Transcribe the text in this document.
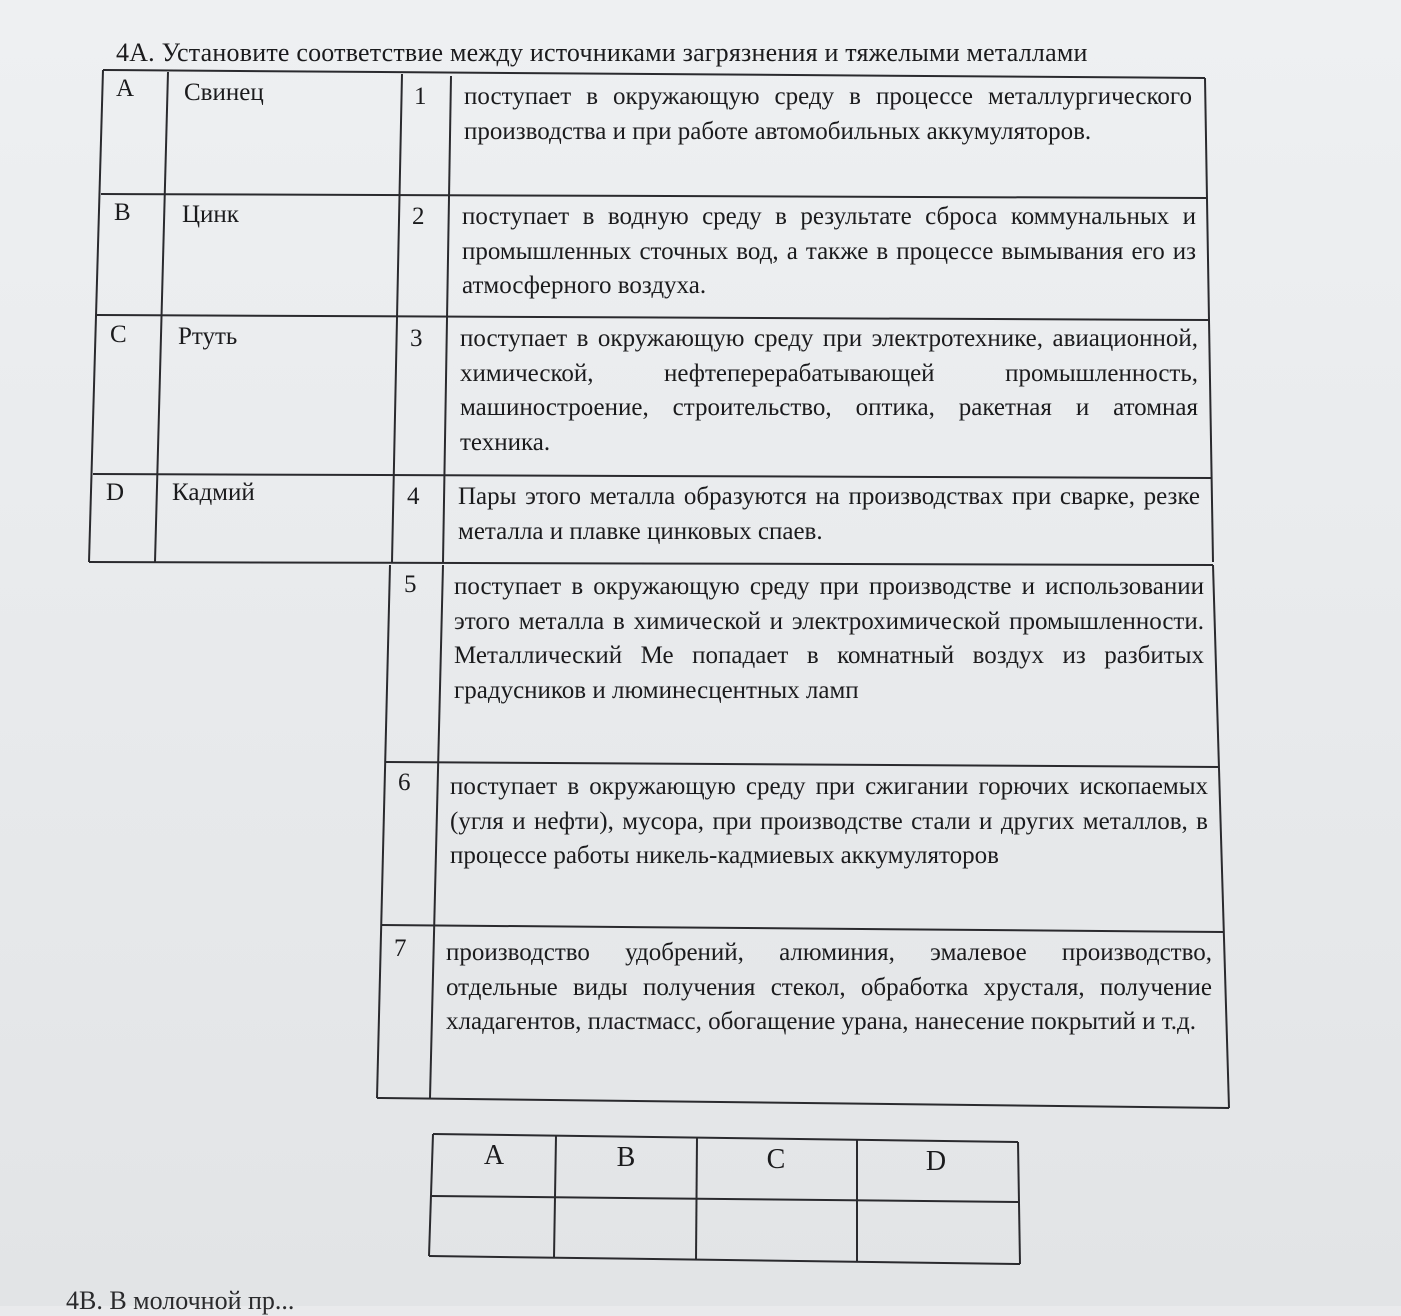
4А. Установите соответствие между источниками загрязнения и тяжелыми металлами
A Свинец	1 поступает в окружающую среду в процессе металлургического производства и при работе автомобильных аккумуляторов.
B Цинк	2 поступает в водную среду в результате сброса коммунальных и промышленных сточных вод, а также в процессе вымывания его из атмосферного воздуха.
C Ртуть	3 поступает в окружающую среду при электротехнике, авиационной, химической, нефтеперерабатывающей промышленность, машиностроение, строительство, оптика, ракетная и атомная техника.
D Кадмий	4 Пары этого металла образуются на производствах при сварке, резке металла и плавке цинковых спаев.
5 поступает в окружающую среду при производстве и использовании этого металла в химической и электрохимической промышленности. Металлический Ме попадает в комнатный воздух из разбитых градусников и люминесцентных ламп
6 поступает в окружающую среду при сжигании горючих ископаемых (угля и нефти), мусора, при производстве стали и других металлов, в процессе работы никель-кадмиевых аккумуляторов
7 производство удобрений, алюминия, эмалевое производство, отдельные виды получения стекол, обработка хрусталя, получение хладагентов, пластмасс, обогащение урана, нанесение покрытий и т.д.
A	B	C	D
4В. В молочной пр...
